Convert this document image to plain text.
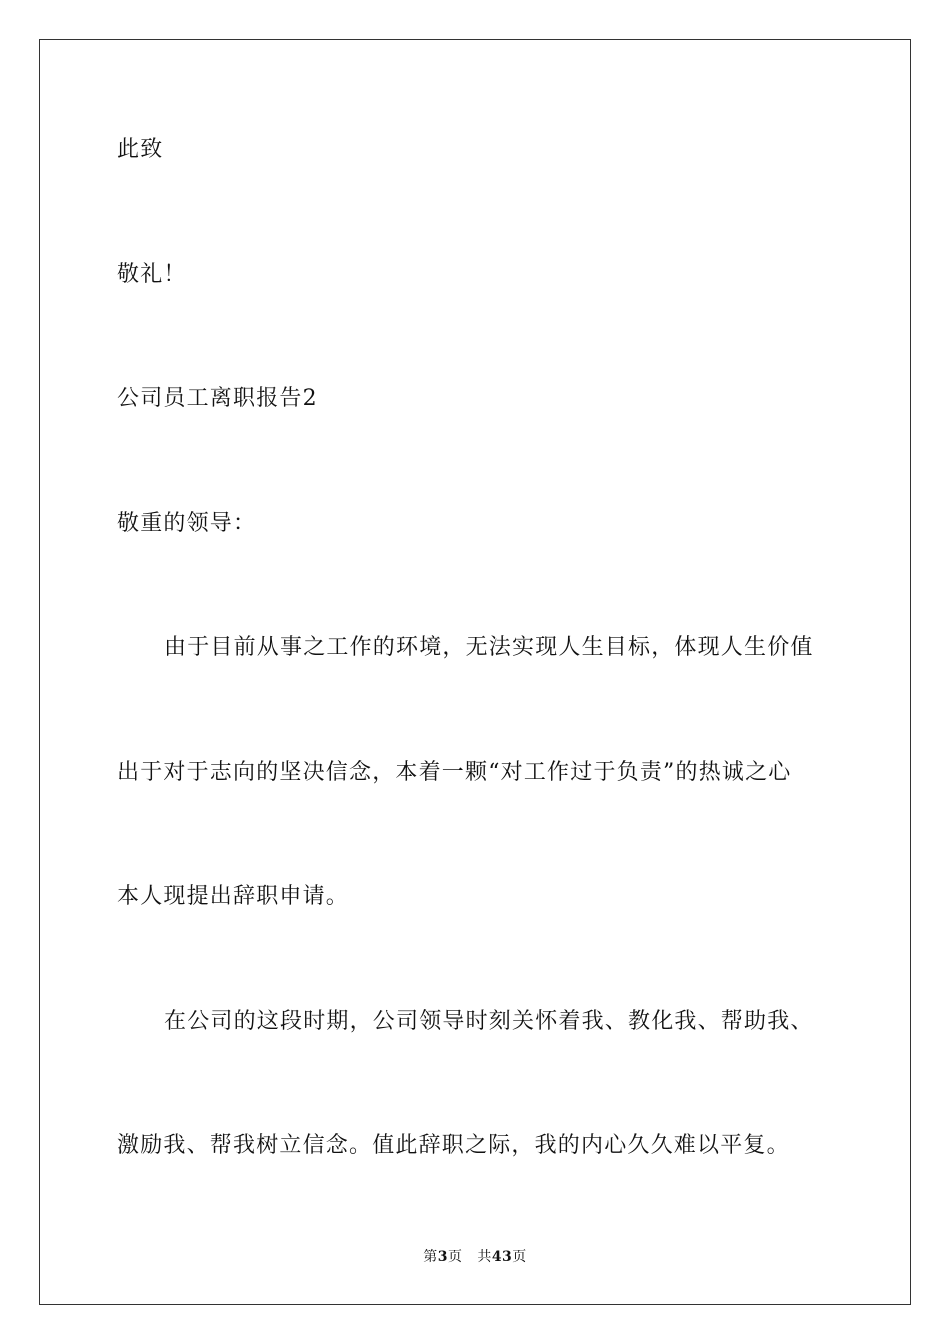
此致
敬礼！
公司员工离职报告2
敬重的领导：
由于目前从事之工作的环境，无法实现人生目标，体现人生价值
出于对于志向的坚决信念，本着一颗“对工作过于负责”的热诚之心
本人现提出辞职申请。
在公司的这段时期，公司领导时刻关怀着我、教化我、帮助我、
激励我、帮我树立信念。值此辞职之际，我的内心久久难以平复。
第3页 共43页
